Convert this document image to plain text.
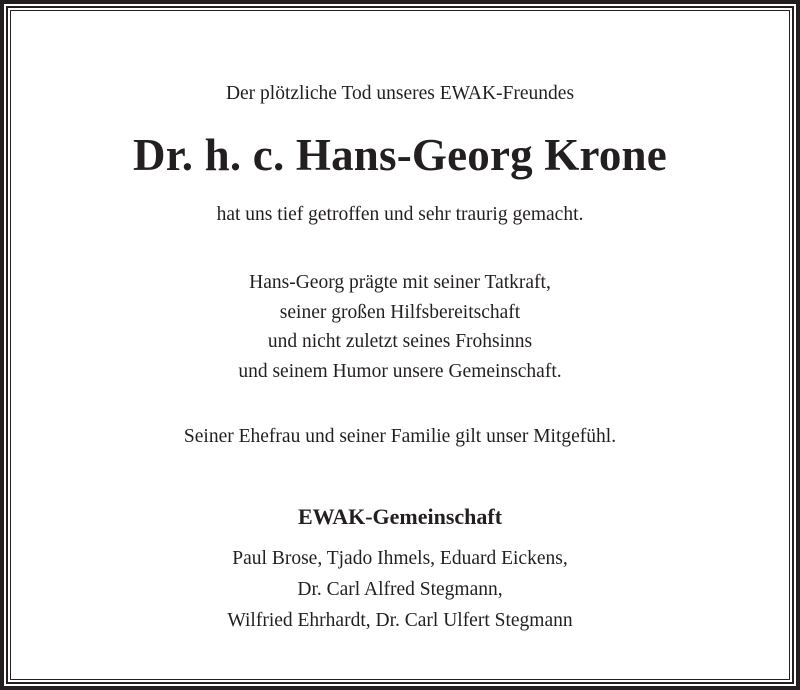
Der plötzliche Tod unseres EWAK-Freundes
Dr. h. c. Hans-Georg Krone
hat uns tief getroffen und sehr traurig gemacht.
Hans-Georg prägte mit seiner Tatkraft,
seiner großen Hilfsbereitschaft
und nicht zuletzt seines Frohsinns
und seinem Humor unsere Gemeinschaft.
Seiner Ehefrau und seiner Familie gilt unser Mitgefühl.
EWAK-Gemeinschaft
Paul Brose, Tjado Ihmels, Eduard Eickens,
Dr. Carl Alfred Stegmann,
Wilfried Ehrhardt, Dr. Carl Ulfert Stegmann
